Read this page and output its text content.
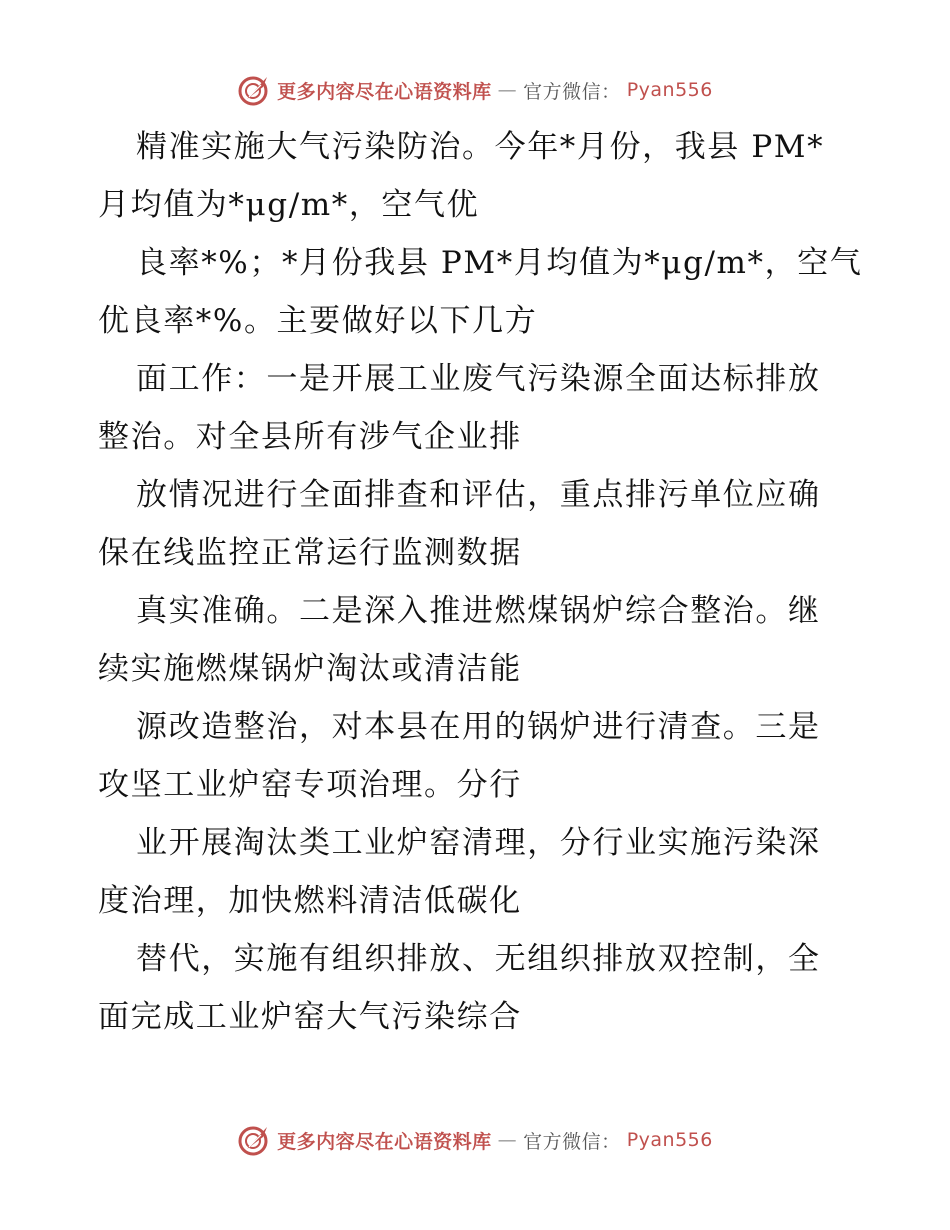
更多内容尽在心语资料库 — 官方微信： Pyan556
精准实施大气污染防治。今年*月份，我县 PM*
月均值为*μg/m*，空气优
良率*%；*月份我县 PM*月均值为*μg/m*，空气
优良率*%。主要做好以下几方
面工作：一是开展工业废气污染源全面达标排放
整治。对全县所有涉气企业排
放情况进行全面排查和评估，重点排污单位应确
保在线监控正常运行监测数据
真实准确。二是深入推进燃煤锅炉综合整治。继
续实施燃煤锅炉淘汰或清洁能
源改造整治，对本县在用的锅炉进行清查。三是
攻坚工业炉窑专项治理。分行
业开展淘汰类工业炉窑清理，分行业实施污染深
度治理，加快燃料清洁低碳化
替代，实施有组织排放、无组织排放双控制，全
面完成工业炉窑大气污染综合
更多内容尽在心语资料库 — 官方微信： Pyan556
